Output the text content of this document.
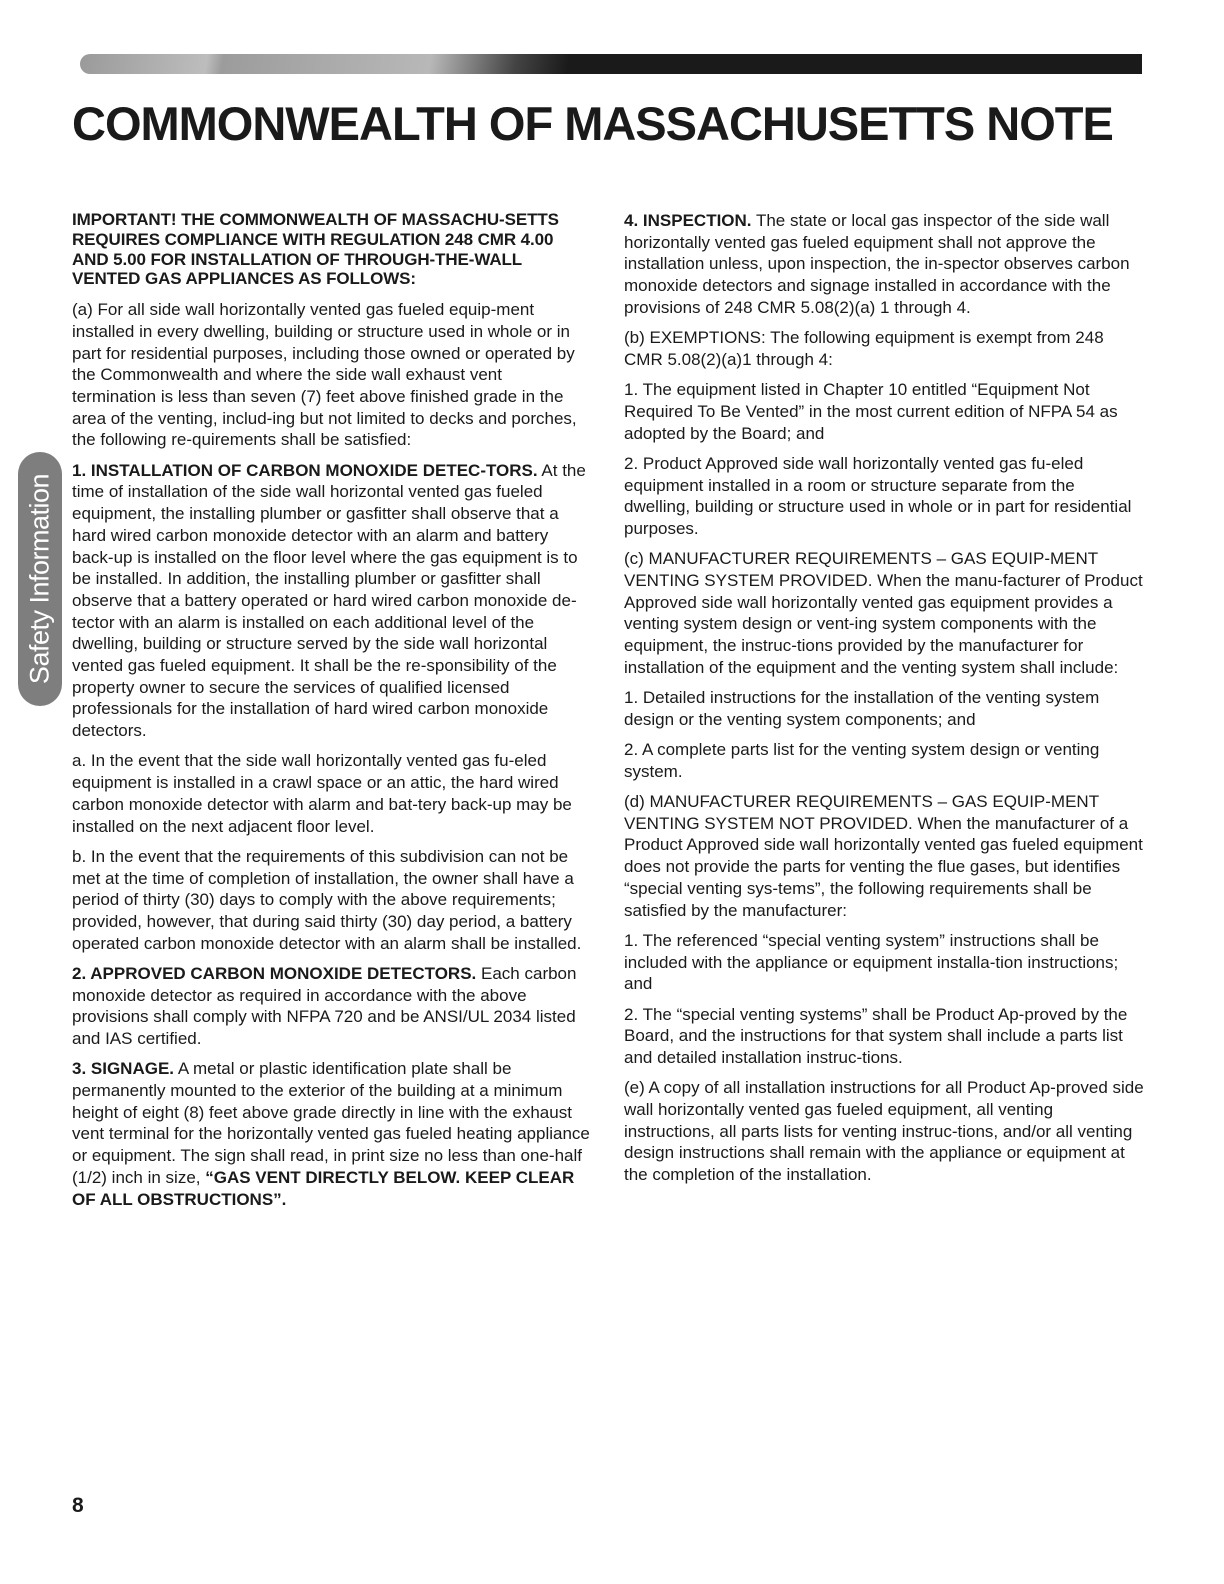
COMMONWEALTH OF MASSACHUSETTS NOTE
Safety Information

IMPORTANT! THE COMMONWEALTH OF MASSACHU-SETTS REQUIRES COMPLIANCE WITH REGULATION 248 CMR 4.00 AND 5.00 FOR INSTALLATION OF THROUGH-THE-WALL VENTED GAS APPLIANCES AS FOLLOWS:

(a) For all side wall horizontally vented gas fueled equip-ment installed in every dwelling, building or structure used in whole or in part for residential purposes, including those owned or operated by the Commonwealth and where the side wall exhaust vent termination is less than seven (7) feet above finished grade in the area of the venting, includ-ing but not limited to decks and porches, the following re-quirements shall be satisfied:

1. INSTALLATION OF CARBON MONOXIDE DETEC-TORS. At the time of installation of the side wall horizontal vented gas fueled equipment, the installing plumber or gasfitter shall observe that a hard wired carbon monoxide detector with an alarm and battery back-up is installed on the floor level where the gas equipment is to be installed. In addition, the installing plumber or gasfitter shall observe that a battery operated or hard wired carbon monoxide de-tector with an alarm is installed on each additional level of the dwelling, building or structure served by the side wall horizontal vented gas fueled equipment. It shall be the re-sponsibility of the property owner to secure the services of qualified licensed professionals for the installation of hard wired carbon monoxide detectors.

a. In the event that the side wall horizontally vented gas fu-eled equipment is installed in a crawl space or an attic, the hard wired carbon monoxide detector with alarm and bat-tery back-up may be installed on the next adjacent floor level.

b. In the event that the requirements of this subdivision can not be met at the time of completion of installation, the owner shall have a period of thirty (30) days to comply with the above requirements; provided, however, that during said thirty (30) day period, a battery operated carbon monoxide detector with an alarm shall be installed.

2. APPROVED CARBON MONOXIDE DETECTORS. Each carbon monoxide detector as required in accordance with the above provisions shall comply with NFPA 720 and be ANSI/UL 2034 listed and IAS certified.

3. SIGNAGE. A metal or plastic identification plate shall be permanently mounted to the exterior of the building at a minimum height of eight (8) feet above grade directly in line with the exhaust vent terminal for the horizontally vented gas fueled heating appliance or equipment. The sign shall read, in print size no less than one-half (1/2) inch in size, “GAS VENT DIRECTLY BELOW. KEEP CLEAR OF ALL OBSTRUCTIONS”.

4. INSPECTION. The state or local gas inspector of the side wall horizontally vented gas fueled equipment shall not approve the installation unless, upon inspection, the in-spector observes carbon monoxide detectors and signage installed in accordance with the provisions of 248 CMR 5.08(2)(a) 1 through 4.

(b) EXEMPTIONS: The following equipment is exempt from 248 CMR 5.08(2)(a)1 through 4:

1. The equipment listed in Chapter 10 entitled “Equipment Not Required To Be Vented” in the most current edition of NFPA 54 as adopted by the Board; and

2. Product Approved side wall horizontally vented gas fu-eled equipment installed in a room or structure separate from the dwelling, building or structure used in whole or in part for residential purposes.

(c) MANUFACTURER REQUIREMENTS – GAS EQUIP-MENT VENTING SYSTEM PROVIDED. When the manu-facturer of Product Approved side wall horizontally vented gas equipment provides a venting system design or vent-ing system components with the equipment, the instruc-tions provided by the manufacturer for installation of the equipment and the venting system shall include:

1. Detailed instructions for the installation of the venting system design or the venting system components; and

2. A complete parts list for the venting system design or venting system.

(d) MANUFACTURER REQUIREMENTS – GAS EQUIP-MENT VENTING SYSTEM NOT PROVIDED. When the manufacturer of a Product Approved side wall horizontally vented gas fueled equipment does not provide the parts for venting the flue gases, but identifies “special venting sys-tems”, the following requirements shall be satisfied by the manufacturer:

1. The referenced “special venting system” instructions shall be included with the appliance or equipment installa-tion instructions; and

2. The “special venting systems” shall be Product Ap-proved by the Board, and the instructions for that system shall include a parts list and detailed installation instruc-tions.

(e) A copy of all installation instructions for all Product Ap-proved side wall horizontally vented gas fueled equipment, all venting instructions, all parts lists for venting instruc-tions, and/or all venting design instructions shall remain with the appliance or equipment at the completion of the installation.

8
